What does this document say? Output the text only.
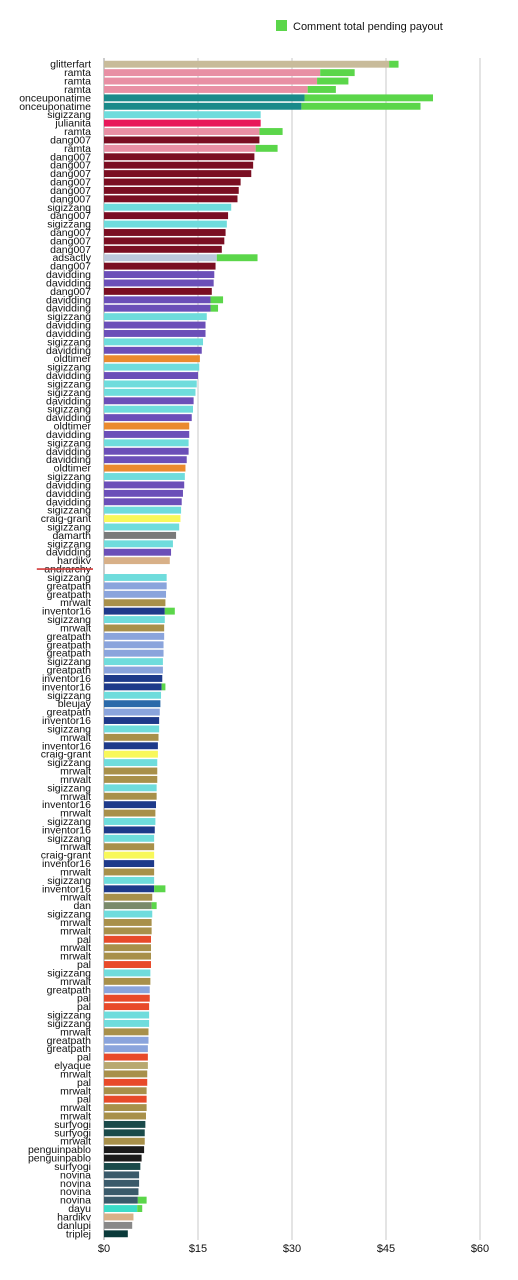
glitterfart
ramta
ramta
ramta
onceuponatime
onceuponatime
sigizzang
julianita
ramta
dang007
ramta
dang007
dang007
dang007
dang007
dang007
dang007
sigizzang
dang007
sigizzang
dang007
dang007
dang007
adsactly
dang007
davidding
davidding
dang007
davidding
davidding
sigizzang
davidding
davidding
sigizzang
davidding
oldtimer
sigizzang
davidding
sigizzang
sigizzang
davidding
sigizzang
davidding
oldtimer
davidding
sigizzang
davidding
davidding
oldtimer
sigizzang
davidding
davidding
davidding
sigizzang
craig-grant
sigizzang
damarth
sigizzang
davidding
hardikv
andrarchy
sigizzang
greatpath
greatpath
mrwalt
inventor16
sigizzang
mrwalt
greatpath
greatpath
greatpath
sigizzang
greatpath
inventor16
inventor16
sigizzang
bleujay
greatpath
inventor16
sigizzang
mrwalt
inventor16
craig-grant
sigizzang
mrwalt
mrwalt
sigizzang
mrwalt
inventor16
mrwalt
sigizzang
inventor16
sigizzang
mrwalt
craig-grant
inventor16
mrwalt
sigizzang
inventor16
mrwalt
dan
sigizzang
mrwalt
mrwalt
pal
mrwalt
mrwalt
pal
sigizzang
mrwalt
greatpath
pal
pal
sigizzang
sigizzang
mrwalt
greatpath
greatpath
pal
elyaque
mrwalt
pal
mrwalt
pal
mrwalt
mrwalt
surfyogi
surfyogi
mrwalt
penguinpablo
penguinpablo
surfyogi
novina
novina
novina
novina
dayu
hardikv
danlupi
triplej
$0	$15	$30	$45	$60
Comment total pending payout
